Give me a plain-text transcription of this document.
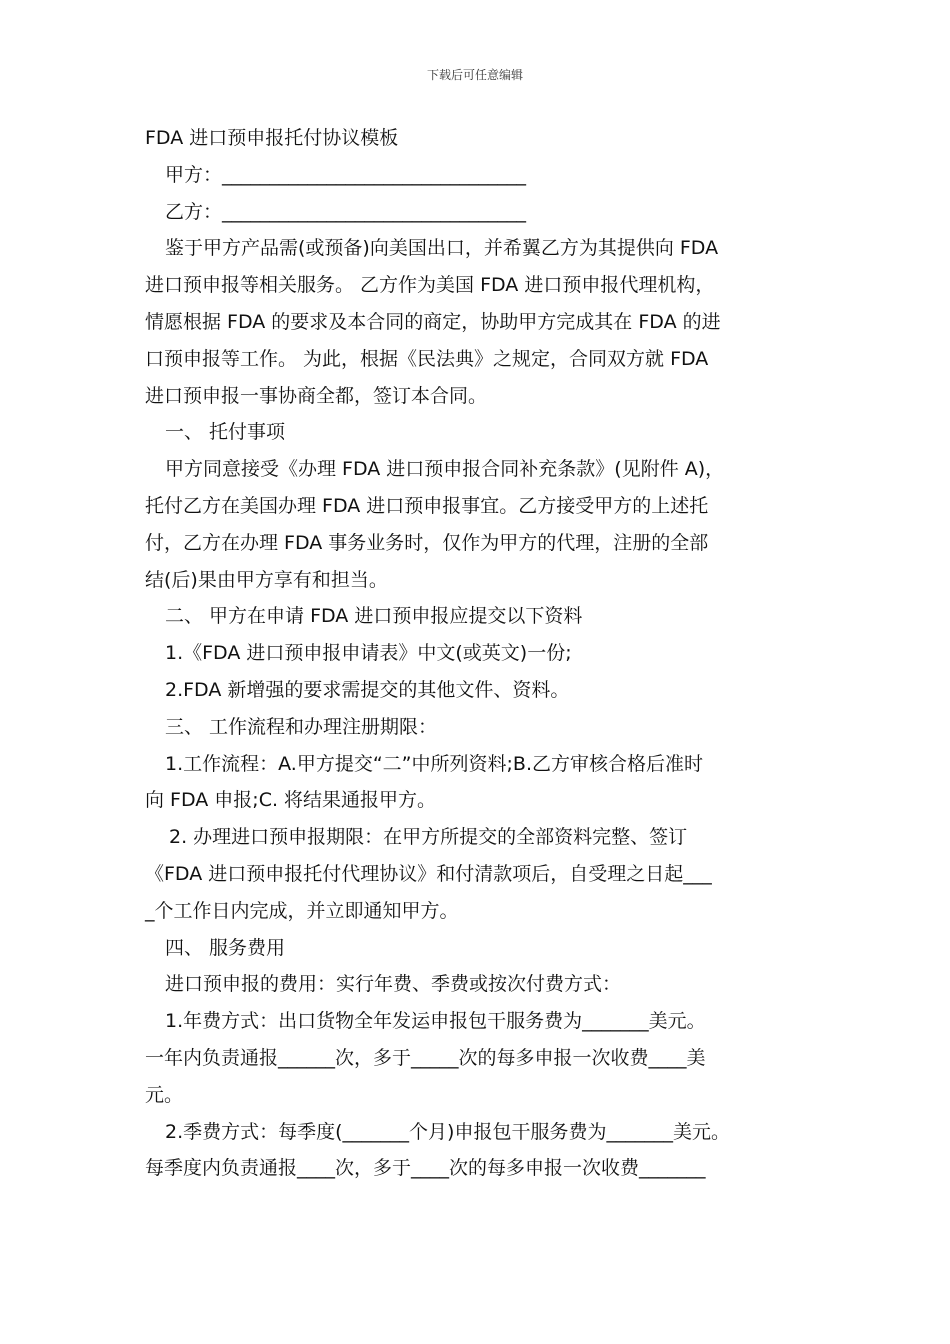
下载后可任意编辑

FDA 进口预申报托付协议模板

甲方：________________________________

乙方：________________________________

鉴于甲方产品需(或预备)向美国出口，并希翼乙方为其提供向 FDA

进口预申报等相关服务。 乙方作为美国 FDA 进口预申报代理机构，

情愿根据 FDA 的要求及本合同的商定，协助甲方完成其在 FDA 的进

口预申报等工作。 为此，根据《民法典》之规定，合同双方就 FDA

进口预申报一事协商全都，签订本合同。

一、 托付事项

甲方同意接受《办理 FDA 进口预申报合同补充条款》(见附件 A)，

托付乙方在美国办理 FDA 进口预申报事宜。乙方接受甲方的上述托

付，乙方在办理 FDA 事务业务时，仅作为甲方的代理，注册的全部

结(后)果由甲方享有和担当。

二、 甲方在申请 FDA 进口预申报应提交以下资料

1.《FDA 进口预申报申请表》中文(或英文)一份;

2.FDA 新增强的要求需提交的其他文件、资料。

三、 工作流程和办理注册期限：

1.工作流程：A.甲方提交“二”中所列资料;B.乙方审核合格后准时

向 FDA 申报;C. 将结果通报甲方。

2. 办理进口预申报期限：在甲方所提交的全部资料完整、签订

《FDA 进口预申报托付代理协议》和付清款项后，自受理之日起___

_个工作日内完成，并立即通知甲方。

四、 服务费用

进口预申报的费用：实行年费、季费或按次付费方式：

1.年费方式：出口货物全年发运申报包干服务费为_______美元。

一年内负责通报______次，多于_____次的每多申报一次收费____美

元。

2.季费方式：每季度(_______个月)申报包干服务费为_______美元。

每季度内负责通报____次，多于____次的每多申报一次收费_______
